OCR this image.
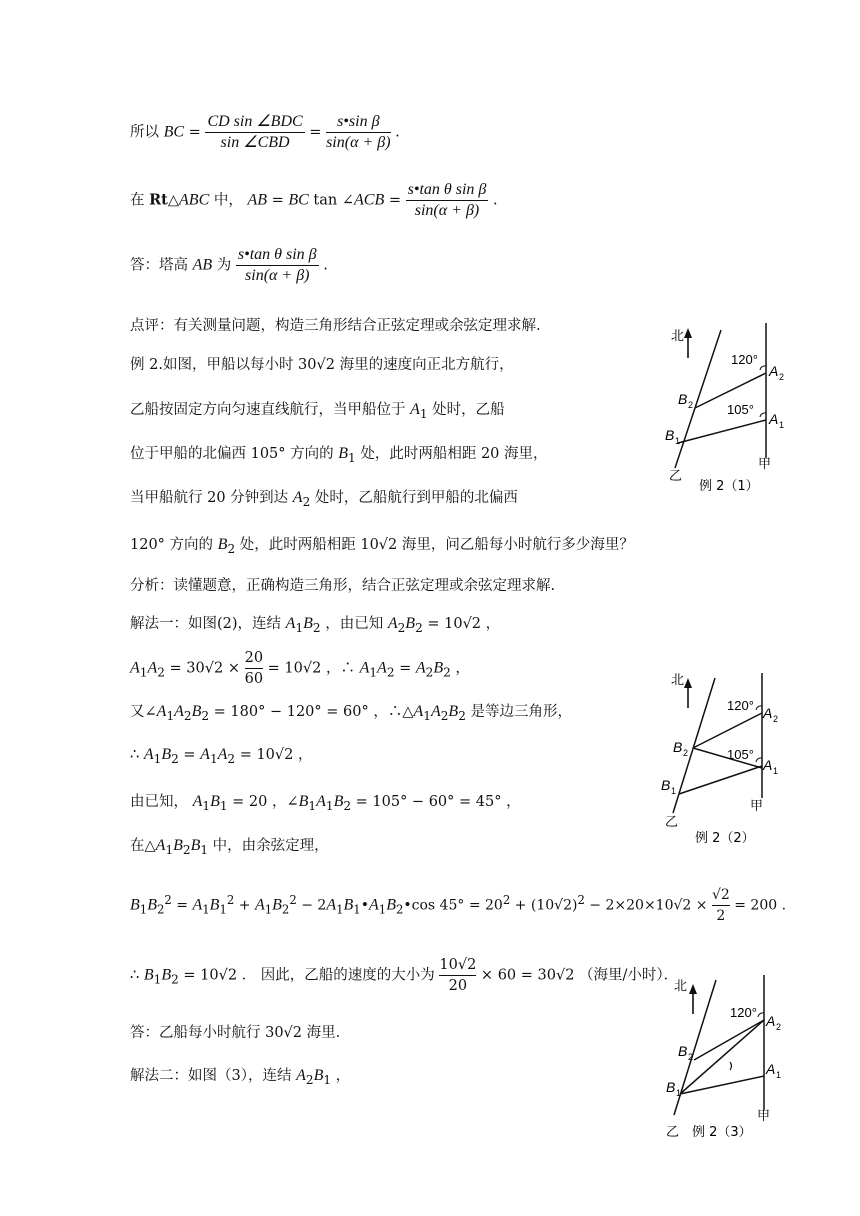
所以 BC =
CD sin ∠BDC
sin ∠CBD
= $\frac{\text{s•sin β}}{\sin(\alpha + \beta)}$ .
在 Rt△ABC 中， AB = BC tan ∠ACB = $\frac{\text{s•tan θ sin β}}{\sin(\alpha + \beta)}$ .
答：塔高 AB 为 $\frac{\text{s•tan θ sin β}}{\sin(\alpha + \beta)}$ .
点评：有关测量问题，构造三角形结合正弦定理或余弦定理求解.
例 2.如图，甲船以每小时 30√2 海里的速度向正北方航行，
乙船按固定方向匀速直线航行，当甲船位于 $A_1$ 处时，乙船
位于甲船的北偏西 105° 方向的 $B_1$ 处，此时两船相距 20 海里，
当甲船航行 20 分钟到达 $A_2$ 处时，乙船航行到甲船的北偏西
120° 方向的 $B_2$ 处，此时两船相距 10√2 海里，问乙船每小时航行多少海里？
分析：读懂题意，正确构造三角形，结合正弦定理或余弦定理求解.
解法一：如图(2)，连结 $A_1B_2$ ，由已知 $A_2B_2 = 10√2$ ，
$A_1A_2 = 30√2 \times \frac{20}{60} = 10√2$ ，∴ $A_1A_2 = A_2B_2$ ，
又$\angle A_1A_2B_2 = 180^\circ - 120^\circ = 60^\circ$ ，$\therefore\triangle A_1A_2B_2$ 是等边三角形，
∴ $A_1B_2 = A_1A_2 = 10√2$ ，
由已知， $A_1B_1 = 20$ ，$\angle B_1A_1B_2 = 105^\circ - 60^\circ = 45^\circ$ ，
在$\triangle A_1B_2B_1$ 中，由余弦定理，
$B_1B_2^2 = A_1B_1^2 + A_1B_2^2$ − $2A_1B_1•A_1B_2•\cos$ $45^\circ = 20^2 + (10√2)^2 - 2\times 20\times 10√2 \times \frac{√2}{2} = 200$ .
∴ $B_1B_2 = 10√2$ ． 因此，乙船的速度的大小为 $\frac{10√2}{20} \times 60 = 30√2$ （海里/小时）．
答：乙船每小时航行 30√2 海里.
解法二：如图（3），连结 $A_2B_1$ ，
北
120°
105°
A 2
A 1
B 2
B 1
甲
乙
例 2（1）
北
120°
105°
A 2
A 1
B 2
B 1
甲
乙
例 2（2）
北
120°
A 2
A 1
B 2
B 1
甲
乙 例 2（3）
